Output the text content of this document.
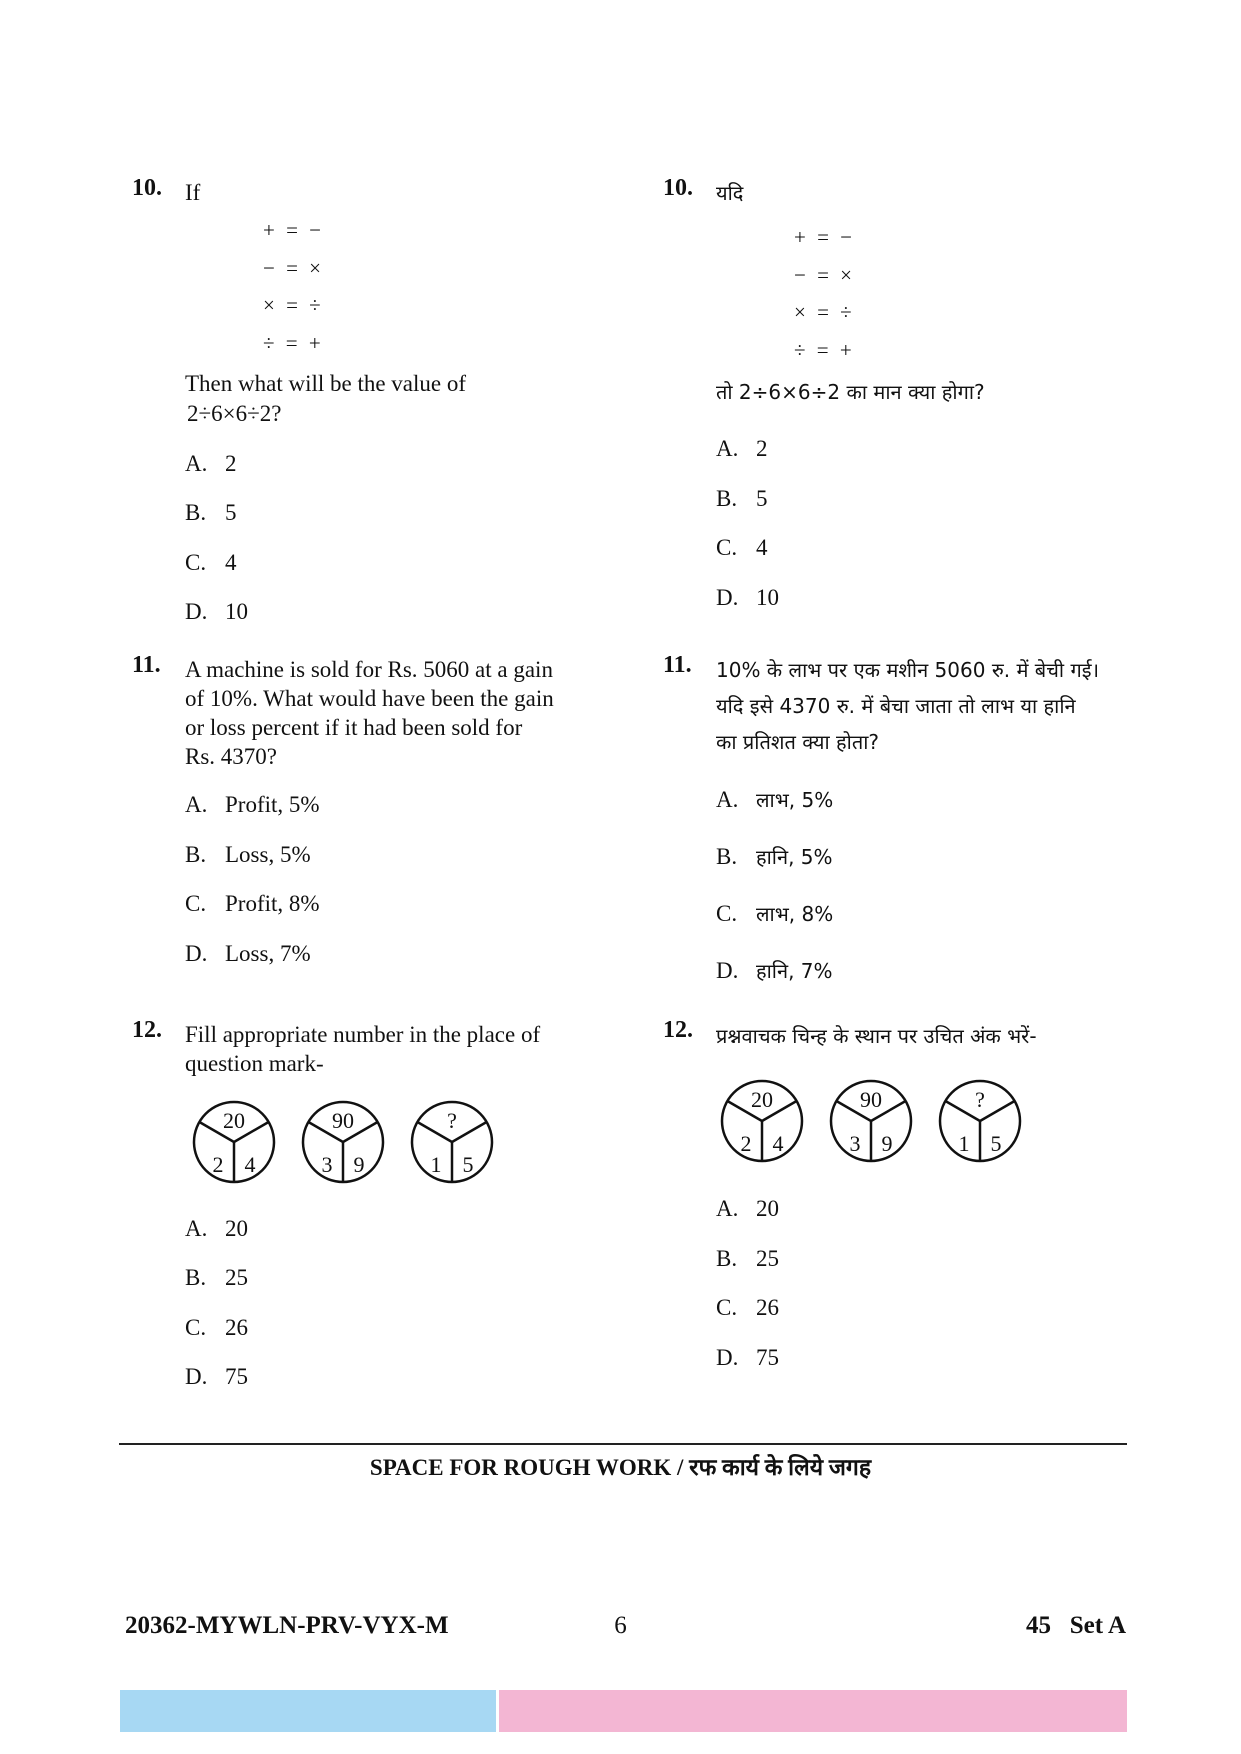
10. If
+ = −
− = ×
× = ÷
÷ = +
Then what will be the value of
2÷6×6÷2?
A. 2
B. 5
C. 4
D. 10
11. A machine is sold for Rs. 5060 at a gain
of 10%. What would have been the gain
or loss percent if it had been sold for
Rs. 4370?
A. Profit, 5%
B. Loss, 5%
C. Profit, 8%
D. Loss, 7%
12. Fill appropriate number in the place of
question mark-
20
2 4
90
3 9
?
1 5
A. 20
B. 25
C. 26
D. 75
10. यदि
+ = −
− = ×
× = ÷
÷ = +
तो 2÷6×6÷2 का मान क्या होगा?
A. 2
B. 5
C. 4
D. 10
11. 10% के लाभ पर एक मशीन 5060 रु. में बेची गई।
यदि इसे 4370 रु. में बेचा जाता तो लाभ या हानि
का प्रतिशत क्या होता?
A. लाभ, 5%
B. हानि, 5%
C. लाभ, 8%
D. हानि, 7%
12. प्रश्नवाचक चिन्ह के स्थान पर उचित अंक भरें-
20
2 4
90
3 9
?
1 5
A. 20
B. 25
C. 26
D. 75
SPACE FOR ROUGH WORK / रफ कार्य के लिये जगह
20362-MYWLN-PRV-VYX-M	6	45   Set A
